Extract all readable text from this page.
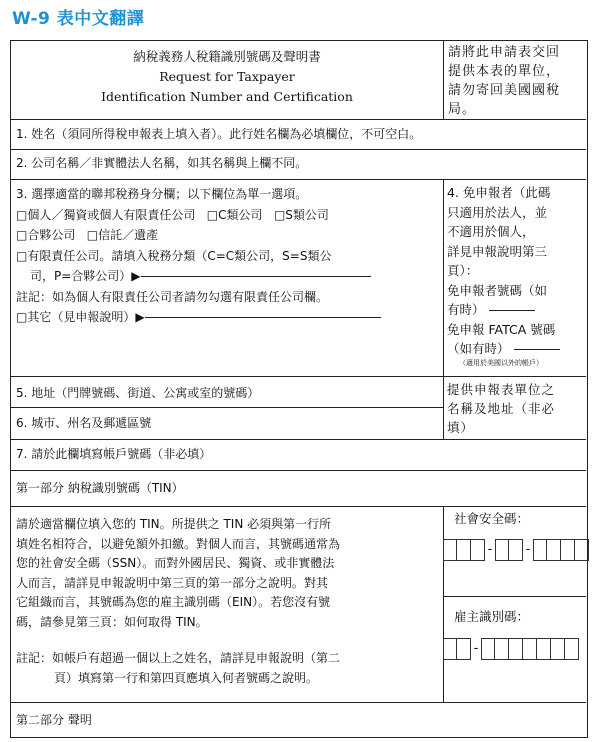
W-9 表中文翻譯
納稅義務人稅籍識別號碼及聲明書
Request for Taxpayer
Identification Number and Certification
請將此申請表交回
提供本表的單位，
請勿寄回美國國稅
局。
1. 姓名（須同所得稅申報表上填入者）。此行姓名欄為必填欄位，不可空白。
2. 公司名稱／非實體法人名稱，如其名稱與上欄不同。
3. 選擇適當的聯邦稅務身分欄；以下欄位為單一選項。
□個人／獨資或個人有限責任公司 □C類公司 □S類公司
□合夥公司 □信託／遺產
□有限責任公司。請填入稅務分類（C=C類公司，S=S類公
司，P=合夥公司）▶
註記：如為個人有限責任公司者請勿勾選有限責任公司欄。
□其它（見申報說明）▶
4. 免申報者（此碼
只適用於法人，並
不適用於個人，
詳見申報說明第三
頁）：
免申報者號碼（如
有時）
免申報 FATCA 號碼
（如有時）
（適用於美國以外的帳戶）
5. 地址（門牌號碼、街道、公寓或室的號碼）
6. 城市、州名及郵遞區號
提供申報表單位之
名稱及地址（非必
填）
7. 請於此欄填寫帳戶號碼（非必填）
第一部分 納稅識別號碼（TIN）
請於適當欄位填入您的 TIN。所提供之 TIN 必須與第一行所
填姓名相符合，以避免額外扣繳。對個人而言，其號碼通常為
您的社會安全碼（SSN）。而對外國居民、獨資、或非實體法
人而言，請詳見申報說明中第三頁的第一部分之說明。對其
它組織而言，其號碼為您的雇主識別碼（EIN）。若您沒有號
碼，請參見第三頁：如何取得 TIN。
註記：如帳戶有超過一個以上之姓名，請詳見申報說明（第二
頁）填寫第一行和第四頁應填入何者號碼之說明。
社會安全碼：
-	-
雇主識別碼：
-
第二部分 聲明
